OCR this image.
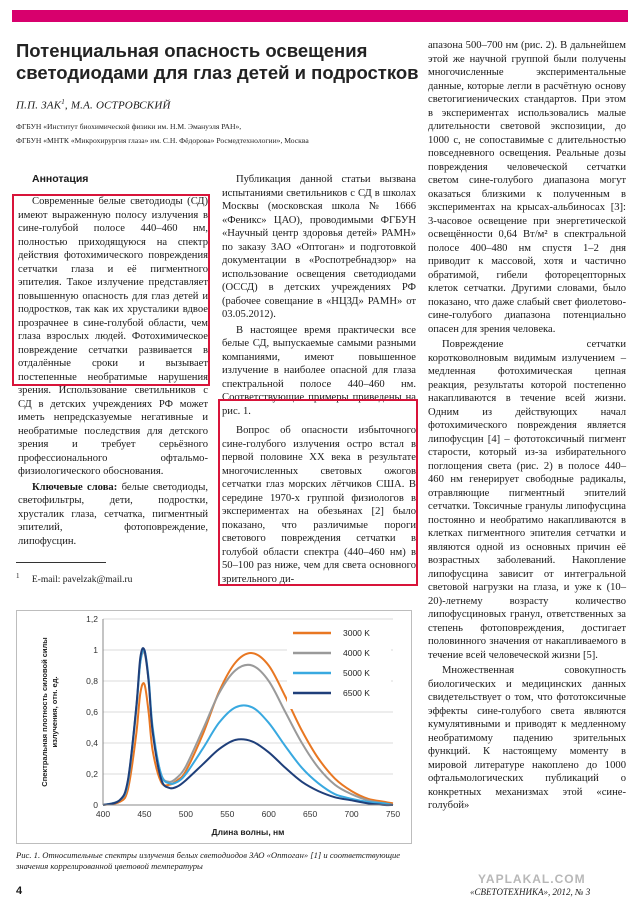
Потенциальная опасность освещения светодиодами для глаз детей и подростков
П.П. ЗАК$^1$, М.А. ОСТРОВСКИЙ
ФГБУН «Институт биохимической физики им. Н.М. Эмануэля РАН»,
ФГБУН «МНТК «Микрохирургия глаза» им. С.Н. Фёдорова» Росмедтехнологии», Москва
Аннотация

Современные белые светодиоды (СД) имеют выраженную полосу излучения в сине-голубой полосе 440–460 нм, полностью приходящуюся на спектр действия фотохимического повреждения сетчатки глаза и её пигментного эпителия. Такое излучение представляет повышенную опасность для глаз детей и подростков, так как их хрусталики вдвое прозрачнее в сине-голубой области, чем глаза взрослых людей. Фотохимическое повреждение сетчатки развивается в отдалённые сроки и вызывает постепенные необратимые нарушения зрения. Использование светильников с СД в детских учреждениях РФ может иметь непредсказуемые негативные и необратимые последствия для детского зрения и требует серьёзного профессионального офтальмо-физиологического обоснования.

Ключевые слова: белые светодиоды, светофильтры, дети, подростки, хрусталик глаза, сетчатка, пигментный эпителий, фотоповреждение, липофусцин.

$^1$ E-mail: pavelzak@mail.ru

Публикация данной статьи вызвана испытаниями светильников с СД в школах Москвы (московская школа № 1666 «Феникс» ЦАО), проводимыми ФГБУН «Научный центр здоровья детей» РАМН» по заказу ЗАО «Оптоган» и подготовкой документации в «Роспотребнадзор» на использование освещения светодиодами (ОССД) в детских учреждениях РФ (рабочее совещание в «НЦЗД» РАМН» от 03.05.2012).

В настоящее время практически все белые СД, выпускаемые самыми разными компаниями, имеют повышенное излучение в наиболее опасной для глаза спектральной полосе 440–460 нм. Соответствующие примеры приведены на рис. 1.

Вопрос об опасности избыточного сине-голубого излучения остро встал в первой половине XX века в результате многочисленных световых ожогов сетчатки глаз морских лётчиков США. В середине 1970-х группой физиологов в экспериментах на обезьянах [2] было показано, что различимые пороги светового повреждения сетчатки в голубой области спектра (440–460 нм) в 50–100 раз ниже, чем для света основного зрительного ди-

апазона 500–700 нм (рис. 2). В дальнейшем этой же научной группой были получены многочисленные экспериментальные данные, которые легли в расчётную основу светогигиенических стандартов. При этом в экспериментах использовались малые длительности световой экспозиции, до 1000 с, не сопоставимые с длительностью повседневного освещения. Реальные дозы повреждения человеческой сетчатки светом сине-голубого диапазона могут оказаться близкими к полученным в экспериментах на крысах-альбиносах [3]: 3-часовое освещение при энергетической освещённости 0,64 Вт/м² в спектральной полосе 400–480 нм спустя 1–2 дня приводит к массовой, хотя и частично обратимой, гибели фоторецепторных клеток сетчатки. Другими словами, было показано, что даже слабый свет фиолетово-сине-голубого диапазона потенциально опасен для зрения человека.

Повреждение сетчатки коротковолновым видимым излучением – медленная фотохимическая цепная реакция, результаты которой постепенно накапливаются в течение всей жизни. Одним из действующих начал фотохимического повреждения является липофусцин [4] – фототоксичный пигмент старости, который из-за избирательного поглощения света (рис. 2) в полосе 440–460 нм генерирует свободные радикалы, отравляющие пигментный эпителий сетчатки. Токсичные гранулы липофусцина постоянно и необратимо накапливаются в клетках пигментного эпителия сетчатки и являются одной из основных причин её возрастных заболеваний. Накопление липофусцина зависит от интегральной световой нагрузки на глаза, и уже к (10–20)-летнему возрасту количество липофусциновых гранул, ответственных за степень фотоповреждения, достигает половинного значения от накапливаемого в течение всей человеческой жизни [5].

Множественная совокупность биологических и медицинских данных свидетельствует о том, что фототоксичные эффекты сине-голубого света являются кумулятивными и приводят к медленному необратимому падению зрительных функций. К настоящему моменту в мировой литературе накоплено до 1000 офтальмологических публикаций о конкретных механизмах этой «сине-голубой»

0
0,2
0,4
0,6
0,8
1
1,2
400	450	500	550	600	650	700	750
Длина волны, нм
Спектральная плотность силовой силыизлучения, отн. ед.
3000 K
4000 K
5000 K
6500 K
Рис. 1. Относительные спектры излучения белых светодиодов ЗАО «Оптоган» [1] и соответствующие значения коррелированной цветовой температуры
YAPLAKAL.COM
4	«СВЕТОТЕХНИКА», 2012, № 3
